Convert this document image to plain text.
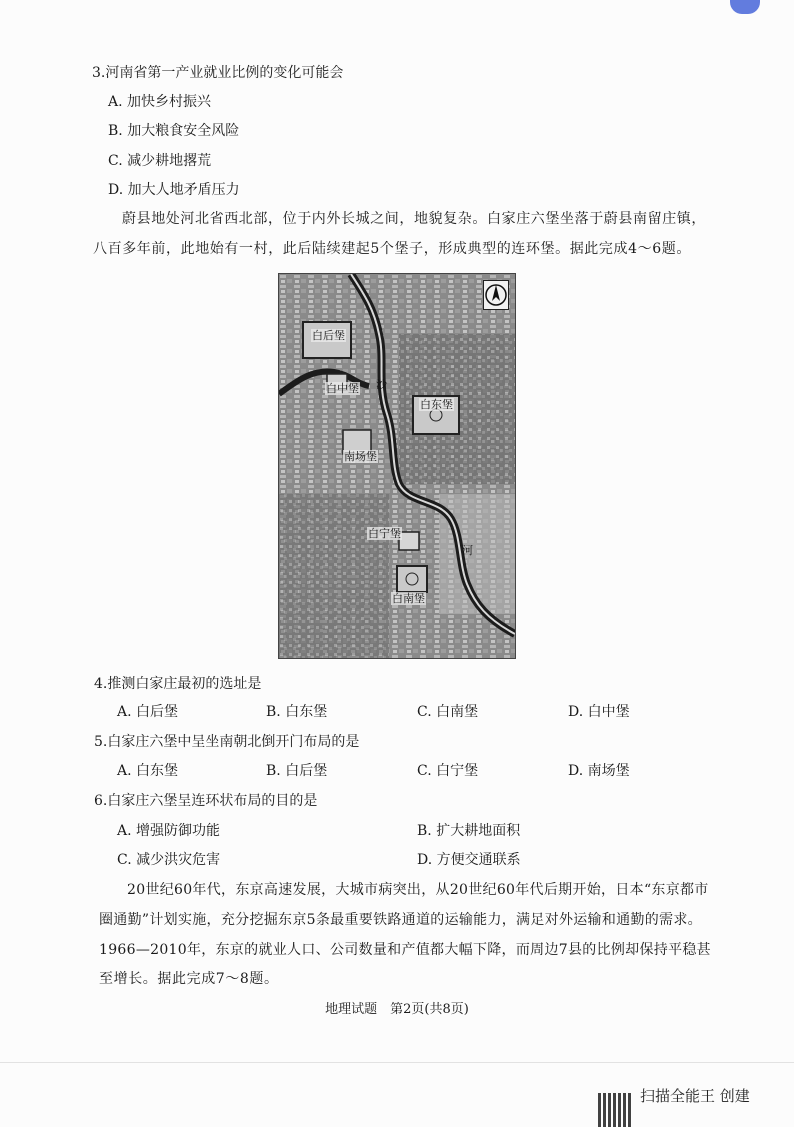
3.河南省第一产业就业比例的变化可能会
A. 加快乡村振兴
B. 加大粮食安全风险
C. 减少耕地撂荒
D. 加大人地矛盾压力
蔚县地处河北省西北部，位于内外长城之间，地貌复杂。白家庄六堡坐落于蔚县南留庄镇，
八百多年前，此地始有一村，此后陆续建起5个堡子，形成典型的连环堡。据此完成4～6题。
白后堡
白中堡
白东堡
南场堡
白宁堡
白南堡
沙
河
4.推测白家庄最初的选址是
A. 白后堡	B. 白东堡	C. 白南堡	D. 白中堡
5.白家庄六堡中呈坐南朝北倒开门布局的是
A. 白东堡	B. 白后堡	C. 白宁堡	D. 南场堡
6.白家庄六堡呈连环状布局的目的是
A. 增强防御功能	B. 扩大耕地面积
C. 减少洪灾危害	D. 方便交通联系
20世纪60年代，东京高速发展，大城市病突出，从20世纪60年代后期开始，日本“东京都市
圈通勤”计划实施，充分挖掘东京5条最重要铁路通道的运输能力，满足对外运输和通勤的需求。
1966—2010年，东京的就业人口、公司数量和产值都大幅下降，而周边7县的比例却保持平稳甚
至增长。据此完成7～8题。
地理试题　第2页(共8页)
扫描全能王 创建
